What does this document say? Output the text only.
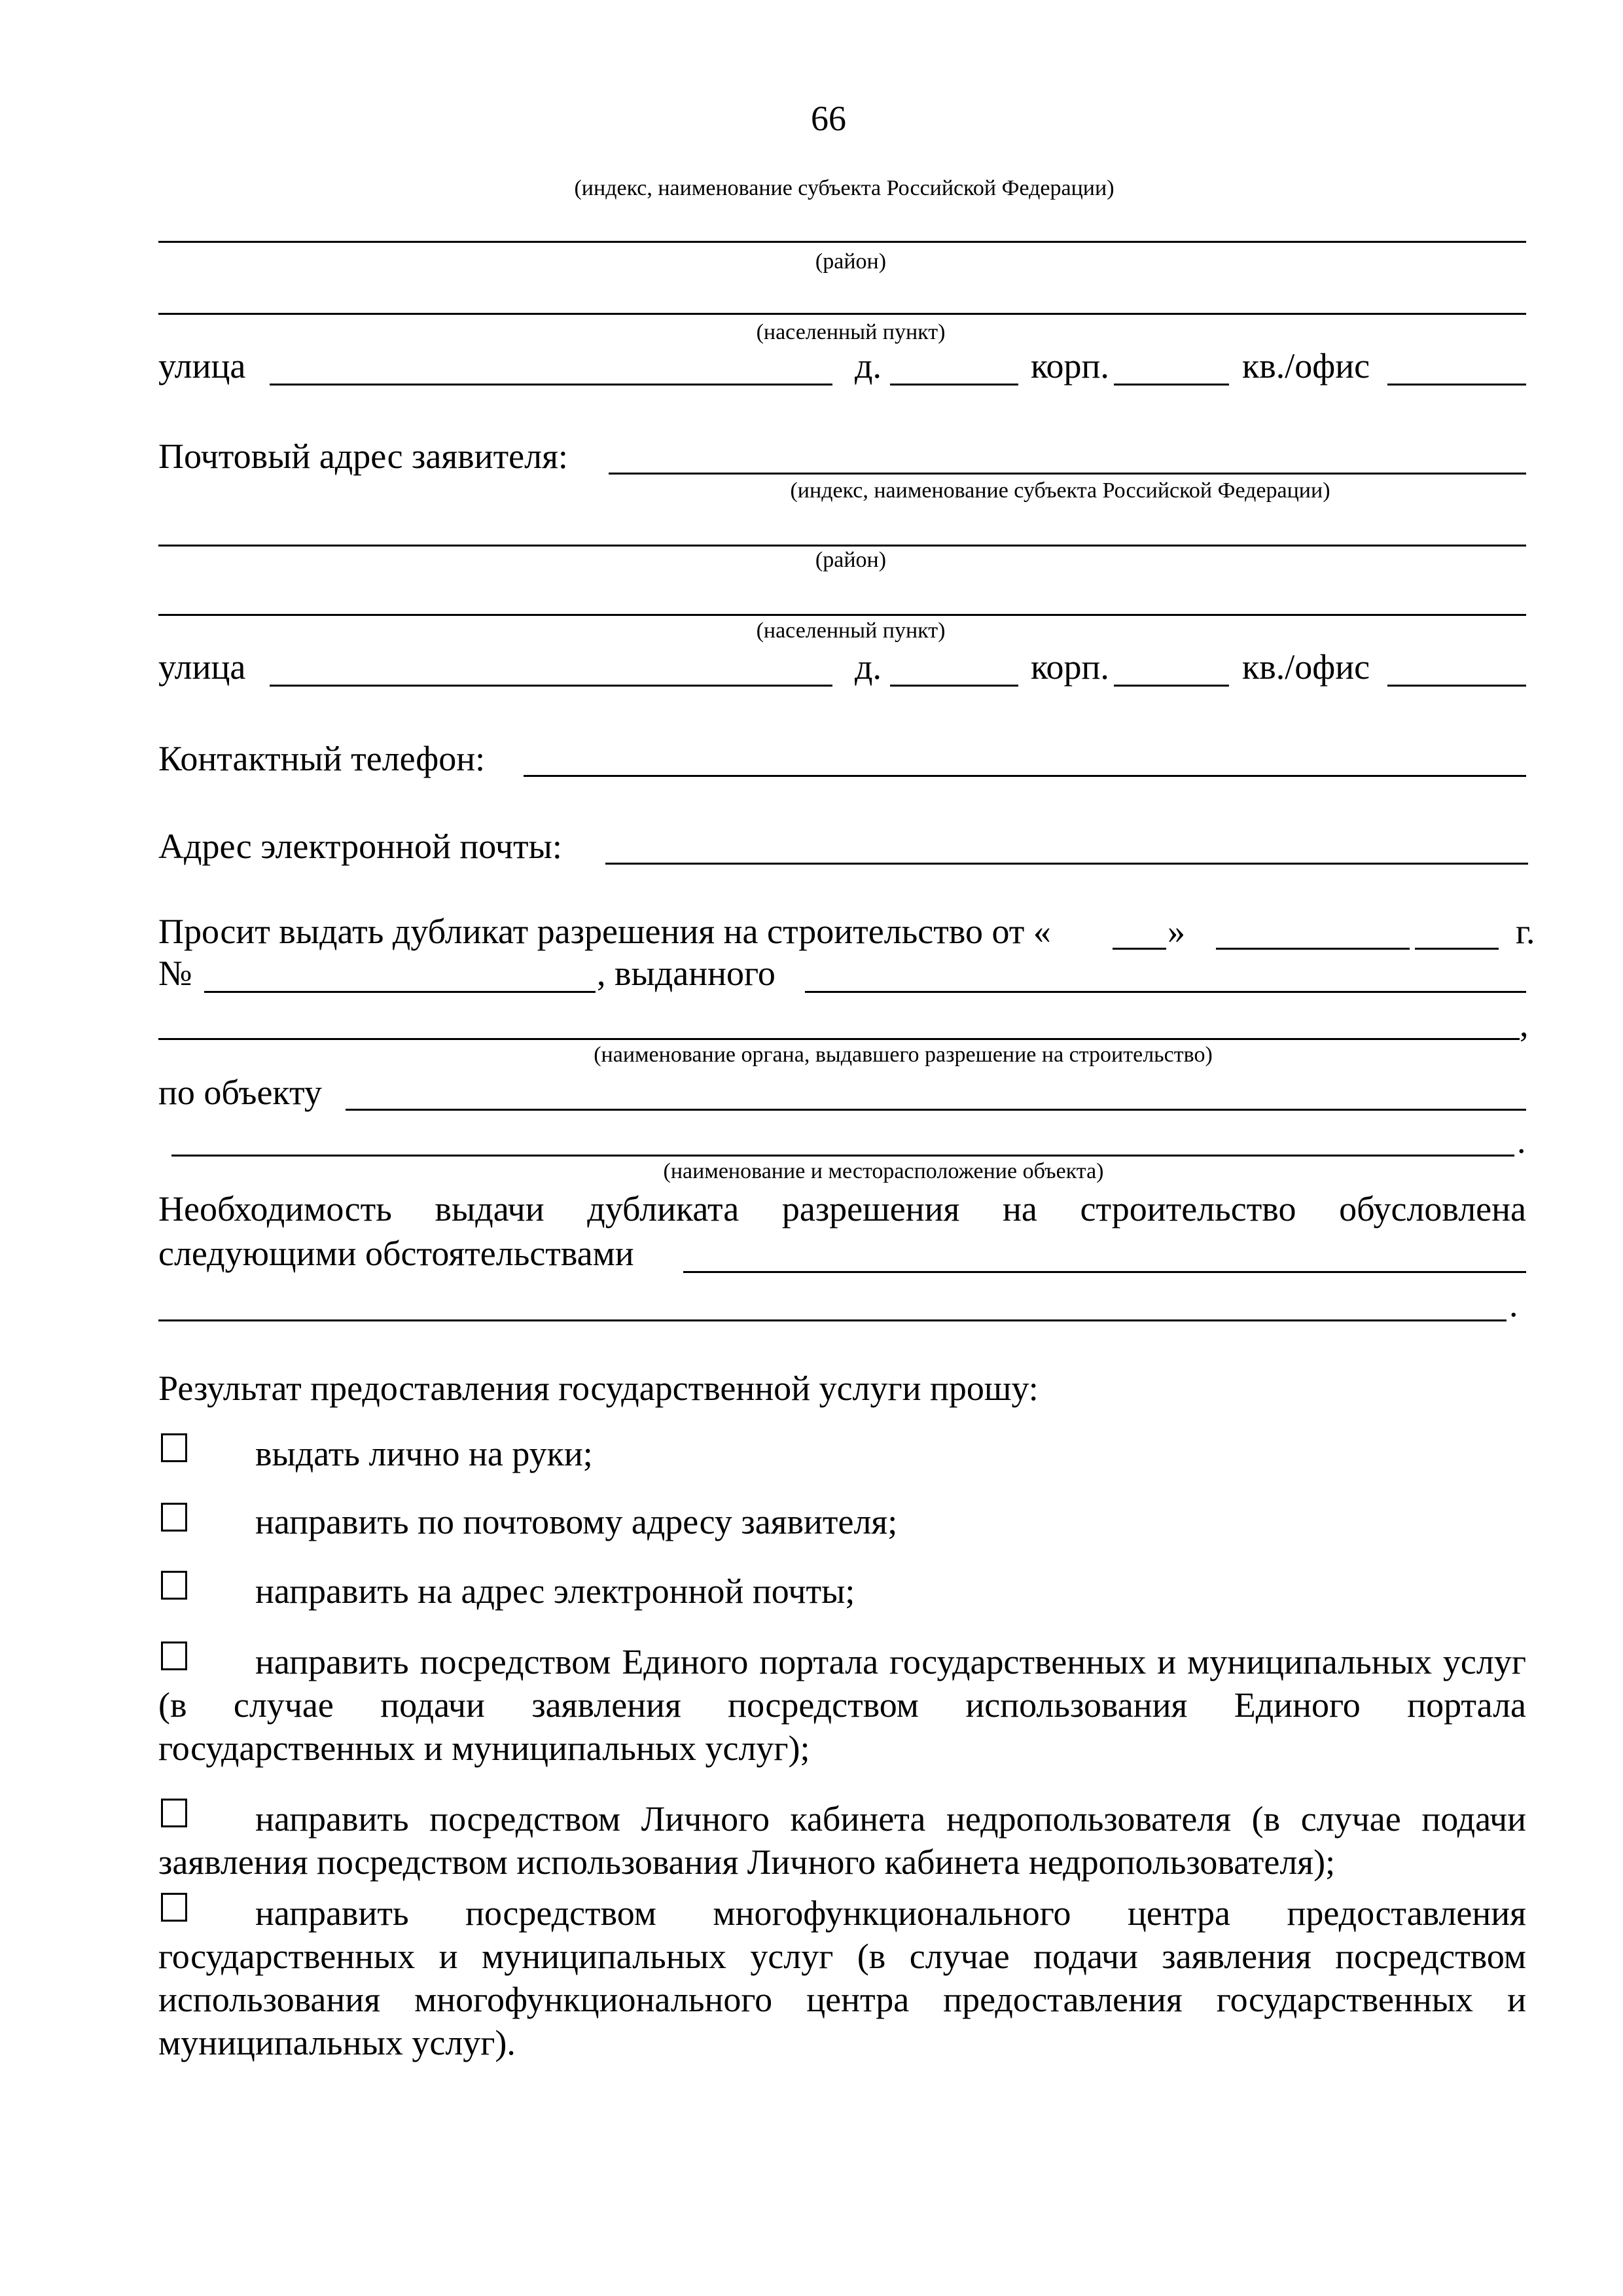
66
(индекс, наименование субъекта Российской Федерации)
(район)
(населенный пункт)
улица	д.	корп.	кв./офис
Почтовый адрес заявителя:
(индекс, наименование субъекта Российской Федерации)
(район)
(населенный пункт)
улица	д.	корп.	кв./офис
Контактный телефон:
Адрес электронной почты:
Просит выдать дубликат разрешения на строительство от «	»	г.
№	, выданного
,
(наименование органа, выдавшего разрешение на строительство)
по объекту
.
(наименование и месторасположение объекта)
Необходимость выдачи дубликата разрешения на строительство обусловлена
следующими обстоятельствами
.
Результат предоставления государственной услуги прошу:
выдать лично на руки;
направить по почтовому адресу заявителя;
направить на адрес электронной почты;
направить посредством Единого портала государственных и муниципальных услуг (в случае подачи заявления посредством использования Единого портала государственных и муниципальных услуг);
направить посредством Личного кабинета недропользователя (в случае подачи заявления посредством использования Личного кабинета недропользователя);
направить посредством многофункционального центра предоставления государственных и муниципальных услуг (в случае подачи заявления посредством использования многофункционального центра предоставления государственных и муниципальных услуг).
